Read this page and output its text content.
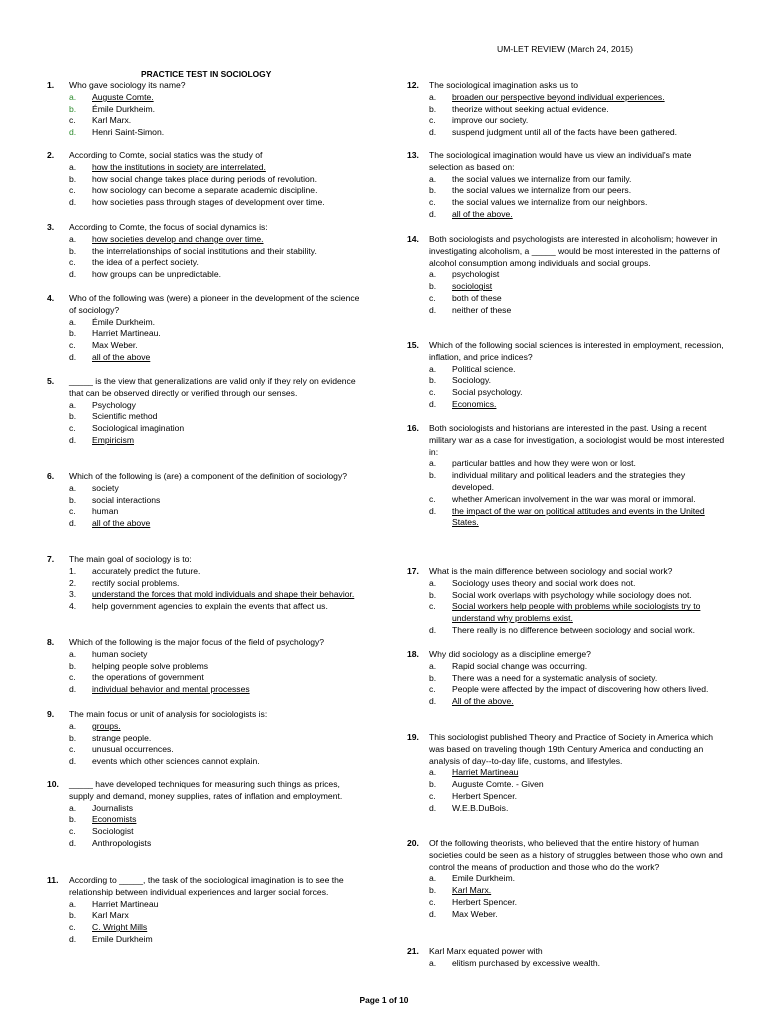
UM-LET REVIEW (March 24, 2015)
PRACTICE TEST IN SOCIOLOGY
1.	Who gave sociology its name?
a.	Auguste Comte.
b.	Émile Durkheim.
c.	Karl Marx.
d.	Henri Saint-Simon.
2.	According to Comte, social statics was the study of
a.	how the institutions in society are interrelated.
b.	how social change takes place during periods of revolution.
c.	how sociology can become a separate academic discipline.
d.	how societies pass through stages of development over time.
3.	According to Comte, the focus of social dynamics is:
a.	how societies develop and change over time.
b.	the interrelationships of social institutions and their stability.
c.	the idea of a perfect society.
d.	how groups can be unpredictable.
4.	Who of the following was (were) a pioneer in the development of the science of sociology?
a.	Émile Durkheim.
b.	Harriet Martineau.
c.	Max Weber.
d.	all of the above
5.	_____ is the view that generalizations are valid only if they rely on evidence that can be observed directly or verified through our senses.
a.	Psychology
b.	Scientific method
c.	Sociological imagination
d.	Empiricism
6.	Which of the following is (are) a component of the definition of sociology?
a.	society
b.	social interactions
c.	human
d.	all of the above
7.	The main goal of sociology is to:
1.	accurately predict the future.
2.	rectify social problems.
3.	understand the forces that mold individuals and shape their behavior.
4.	help government agencies to explain the events that affect us.
8.	Which of the following is the major focus of the field of psychology?
a.	human society
b.	helping people solve problems
c.	the operations of government
d.	individual behavior and mental processes
9.	The main focus or unit of analysis for sociologists is:
a.	groups.
b.	strange people.
c.	unusual occurrences.
d.	events which other sciences cannot explain.
10.	_____ have developed techniques for measuring such things as prices, supply and demand, money supplies, rates of inflation and employment.
a.	Journalists
b.	Economists
c.	Sociologist
d.	Anthropologists
11.	According to _____, the task of the sociological imagination is to see the relationship between individual experiences and larger social forces.
a.	Harriet Martineau
b.	Karl Marx
c.	C. Wright Mills
d.	Emile Durkheim
12.	The sociological imagination asks us to
a.	broaden our perspective beyond individual experiences.
b.	theorize without seeking actual evidence.
c.	improve our society.
d.	suspend judgment until all of the facts have been gathered.
13.	The sociological imagination would have us view an individual's mate selection as based on:
a.	the social values we internalize from our family.
b.	the social values we internalize from our peers.
c.	the social values we internalize from our neighbors.
d.	all of the above.
14.	Both sociologists and psychologists are interested in alcoholism; however in investigating alcoholism, a _____ would be most interested in the patterns of alcohol consumption among individuals and social groups.
a.	psychologist
b.	sociologist
c.	both of these
d.	neither of these
15.	Which of the following social sciences is interested in employment, recession, inflation, and price indices?
a.	Political science.
b.	Sociology.
c.	Social psychology.
d.	Economics.
16.	Both sociologists and historians are interested in the past. Using a recent military war as a case for investigation, a sociologist would be most interested in:
a.	particular battles and how they were won or lost.
b.	individual military and political leaders and the strategies they developed.
c.	whether American involvement in the war was moral or immoral.
d.	the impact of the war on political attitudes and events in the United States.
17.	What is the main difference between sociology and social work?
a.	Sociology uses theory and social work does not.
b.	Social work overlaps with psychology while sociology does not.
c.	Social workers help people with problems while sociologists try to understand why problems exist.
d.	There really is no difference between sociology and social work.
18.	Why did sociology as a discipline emerge?
a.	Rapid social change was occurring.
b.	There was a need for a systematic analysis of society.
c.	People were affected by the impact of discovering how others lived.
d.	All of the above.
19.	This sociologist published Theory and Practice of Society in America which was based on traveling though 19th Century America and conducting an analysis of day--to-day life, customs, and lifestyles.
a.	Harriet Martineau
b.	Auguste Comte. - Given
c.	Herbert Spencer.
d.	W.E.B.DuBois.
20.	Of the following theorists, who believed that the entire history of human societies could be seen as a history of struggles between those who own and control the means of production and those who do the work?
a.	Emile Durkheim.
b.	Karl Marx.
c.	Herbert Spencer.
d.	Max Weber.
21.	Karl Marx equated power with
a.	elitism purchased by excessive wealth.
Page 1 of 10
